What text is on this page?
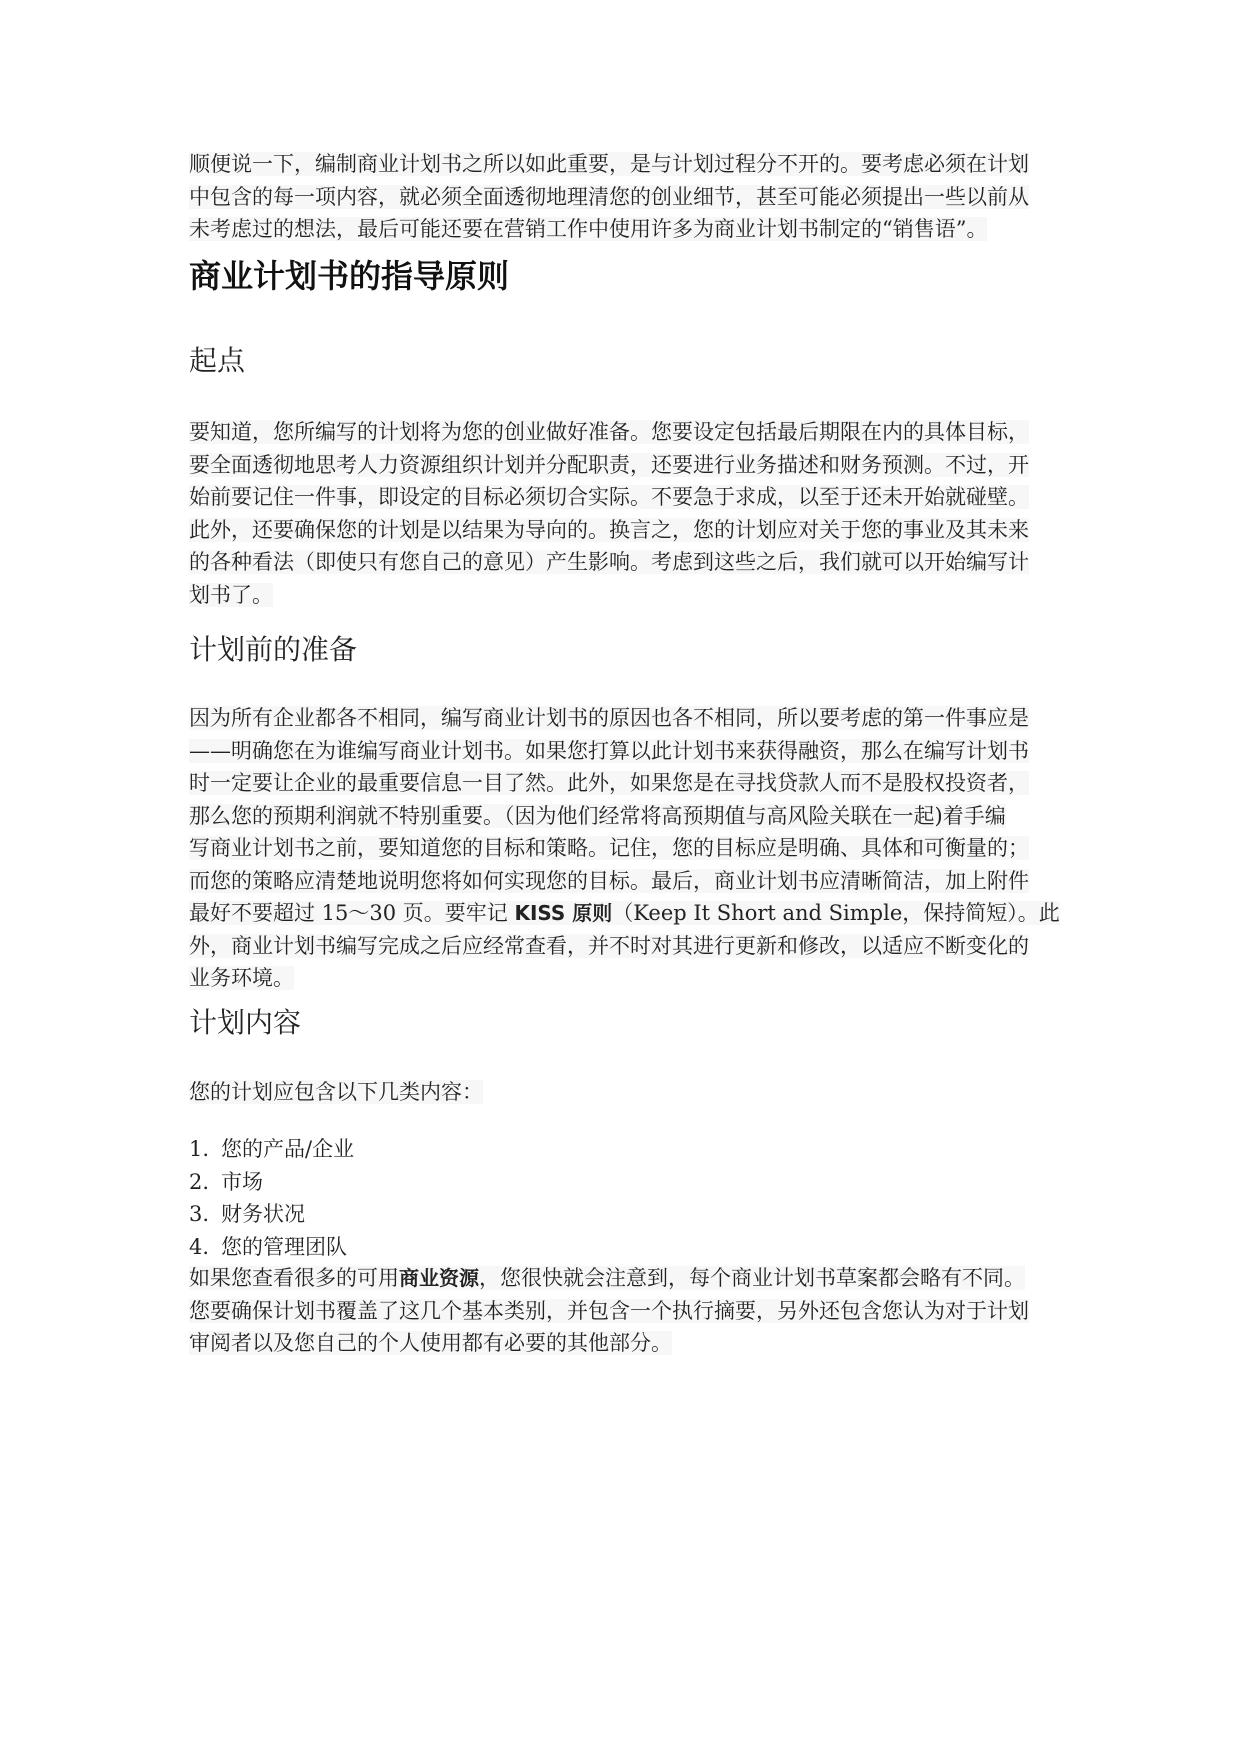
顺便说一下，编制商业计划书之所以如此重要，是与计划过程分不开的。要考虑必须在计划
中包含的每一项内容，就必须全面透彻地理清您的创业细节，甚至可能必须提出一些以前从
未考虑过的想法，最后可能还要在营销工作中使用许多为商业计划书制定的“销售语”。
商业计划书的指导原则
起点
要知道，您所编写的计划将为您的创业做好准备。您要设定包括最后期限在内的具体目标，
要全面透彻地思考人力资源组织计划并分配职责，还要进行业务描述和财务预测。不过，开
始前要记住一件事，即设定的目标必须切合实际。不要急于求成，以至于还未开始就碰壁。
此外，还要确保您的计划是以结果为导向的。换言之，您的计划应对关于您的事业及其未来
的各种看法（即使只有您自己的意见）产生影响。考虑到这些之后，我们就可以开始编写计
划书了。
计划前的准备
因为所有企业都各不相同，编写商业计划书的原因也各不相同，所以要考虑的第一件事应是
——明确您在为谁编写商业计划书。如果您打算以此计划书来获得融资，那么在编写计划书
时一定要让企业的最重要信息一目了然。此外，如果您是在寻找贷款人而不是股权投资者，
那么您的预期利润就不特别重要。（因为他们经常将高预期值与高风险关联在一起)着手编
写商业计划书之前，要知道您的目标和策略。记住，您的目标应是明确、具体和可衡量的；
而您的策略应清楚地说明您将如何实现您的目标。最后，商业计划书应清晰简洁，加上附件
最好不要超过 15～30 页。要牢记 KISS 原则（Keep It Short and Simple，保持简短）。此
外，商业计划书编写完成之后应经常查看，并不时对其进行更新和修改，以适应不断变化的
业务环境。
计划内容
您的计划应包含以下几类内容：
1. 您的产品/企业
2. 市场
3. 财务状况
4. 您的管理团队
如果您查看很多的可用商业资源，您很快就会注意到，每个商业计划书草案都会略有不同。
您要确保计划书覆盖了这几个基本类别，并包含一个执行摘要，另外还包含您认为对于计划
审阅者以及您自己的个人使用都有必要的其他部分。
